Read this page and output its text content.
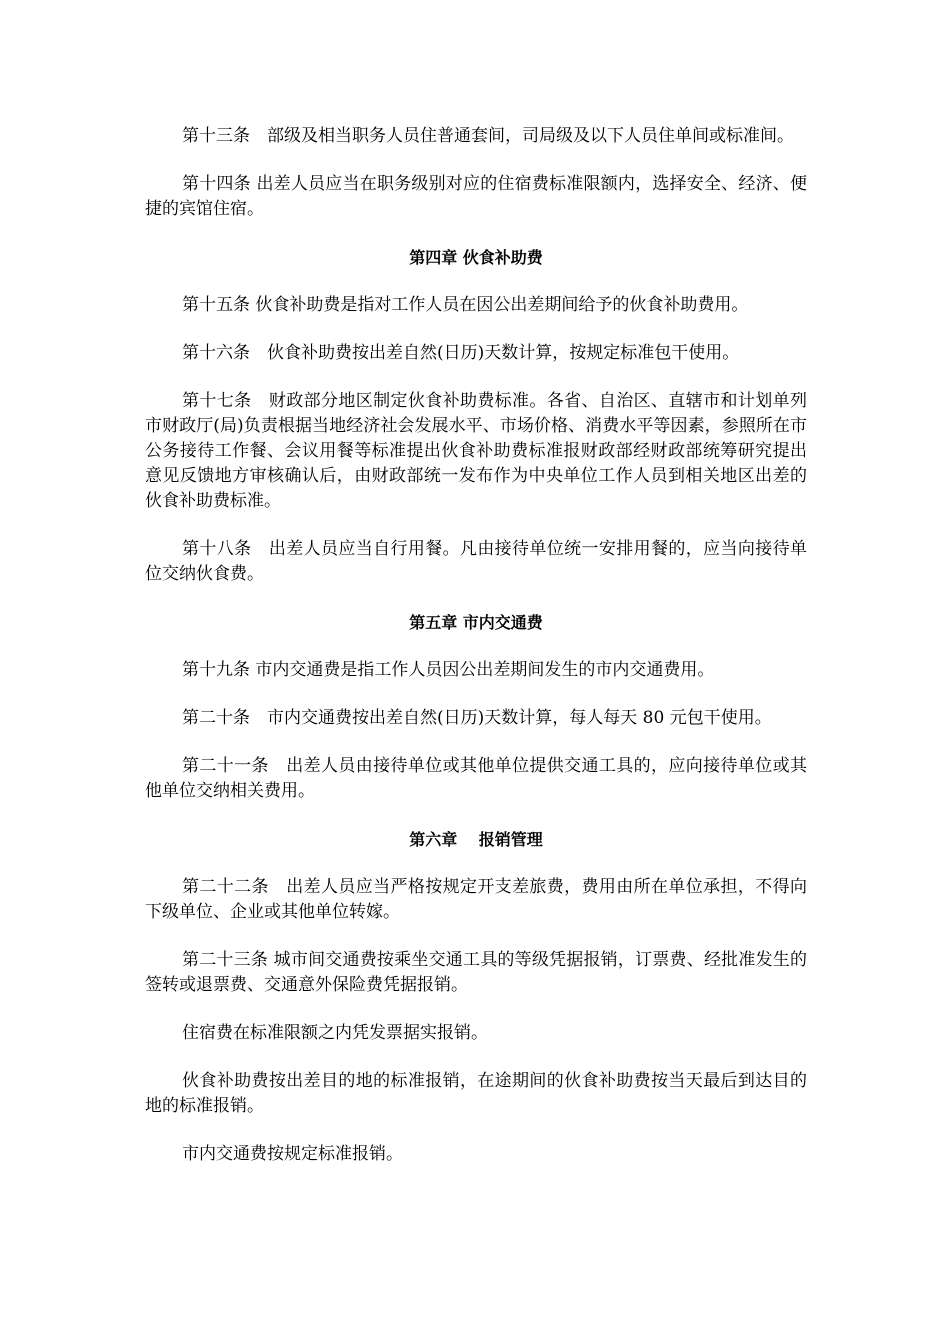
第十三条　部级及相当职务人员住普通套间，司局级及以下人员住单间或标准间。

第十四条 出差人员应当在职务级别对应的住宿费标准限额内，选择安全、经济、便捷的宾馆住宿。

第四章 伙食补助费

第十五条 伙食补助费是指对工作人员在因公出差期间给予的伙食补助费用。

第十六条　伙食补助费按出差自然(日历)天数计算，按规定标准包干使用。

第十七条　财政部分地区制定伙食补助费标准。各省、自治区、直辖市和计划单列市财政厅(局)负责根据当地经济社会发展水平、市场价格、消费水平等因素，参照所在市公务接待工作餐、会议用餐等标准提出伙食补助费标准报财政部经财政部统筹研究提出意见反馈地方审核确认后，由财政部统一发布作为中央单位工作人员到相关地区出差的伙食补助费标准。

第十八条　出差人员应当自行用餐。凡由接待单位统一安排用餐的，应当向接待单位交纳伙食费。

第五章 市内交通费

第十九条 市内交通费是指工作人员因公出差期间发生的市内交通费用。

第二十条　市内交通费按出差自然(日历)天数计算，每人每天 80 元包干使用。

第二十一条　出差人员由接待单位或其他单位提供交通工具的，应向接待单位或其他单位交纳相关费用。

第六章　 报销管理

第二十二条　出差人员应当严格按规定开支差旅费，费用由所在单位承担，不得向下级单位、企业或其他单位转嫁。

第二十三条 城市间交通费按乘坐交通工具的等级凭据报销，订票费、经批准发生的签转或退票费、交通意外保险费凭据报销。

住宿费在标准限额之内凭发票据实报销。

伙食补助费按出差目的地的标准报销，在途期间的伙食补助费按当天最后到达目的地的标准报销。

市内交通费按规定标准报销。
